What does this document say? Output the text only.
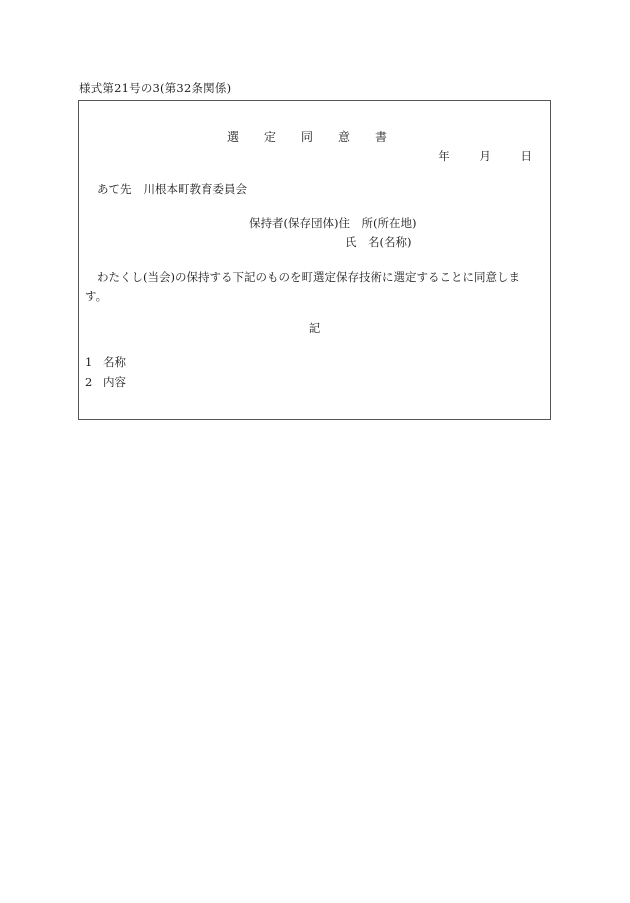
様式第21号の3(第32条関係)
選定同意書
年	月	日
あて先 川根本町教育委員会
保持者(保存団体)住　所(所在地)
氏　名(名称)
わたくし(当会)の保持する下記のものを町選定保存技術に選定することに同意します。
記
1 名称
2 内容
